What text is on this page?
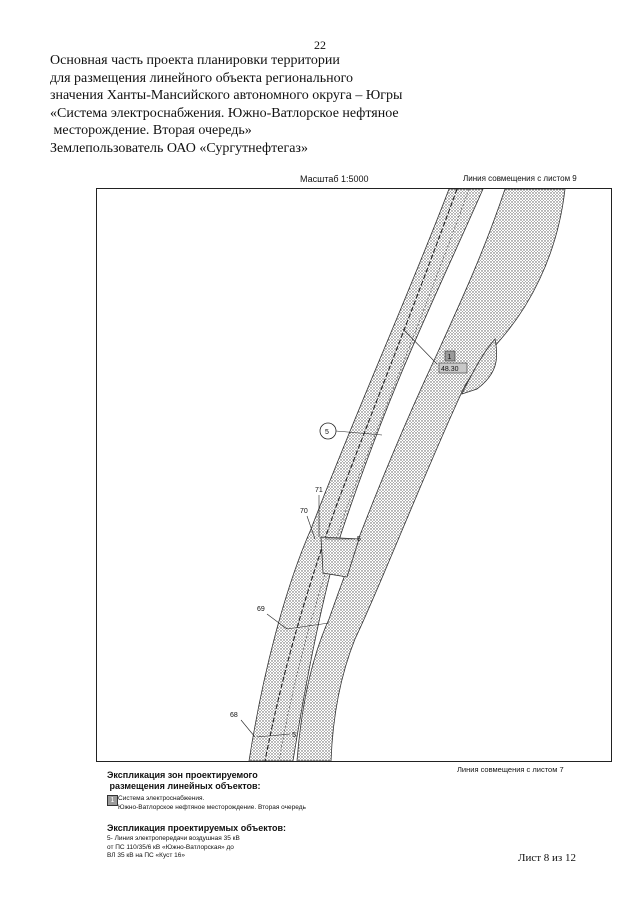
22
Основная часть проекта планировки территории
для размещения линейного объекта регионального
значения Ханты-Мансийского автономного округа – Югры
«Система электроснабжения. Южно-Ватлорское нефтяное
месторождение. Вторая очередь»
Землепользователь ОАО «Сургутнефтегаз»
Масштаб 1:5000	Линия совмещения с листом 9
1
48.30
5
71
70
5
69
68
5
Линия совмещения с листом 7
Экспликация зон проектируемого
размещения линейных объектов:
1 Система электроснабжения.
Южно-Ватлорское нефтяное месторождение. Вторая очередь
Экспликация проектируемых объектов:
5- Линия электропередачи воздушная 35 кВ
от ПС 110/35/6 кВ «Южно-Ватлорская» до
ВЛ 35 кВ на ПС «Куст 16»	Лист 8 из 12
